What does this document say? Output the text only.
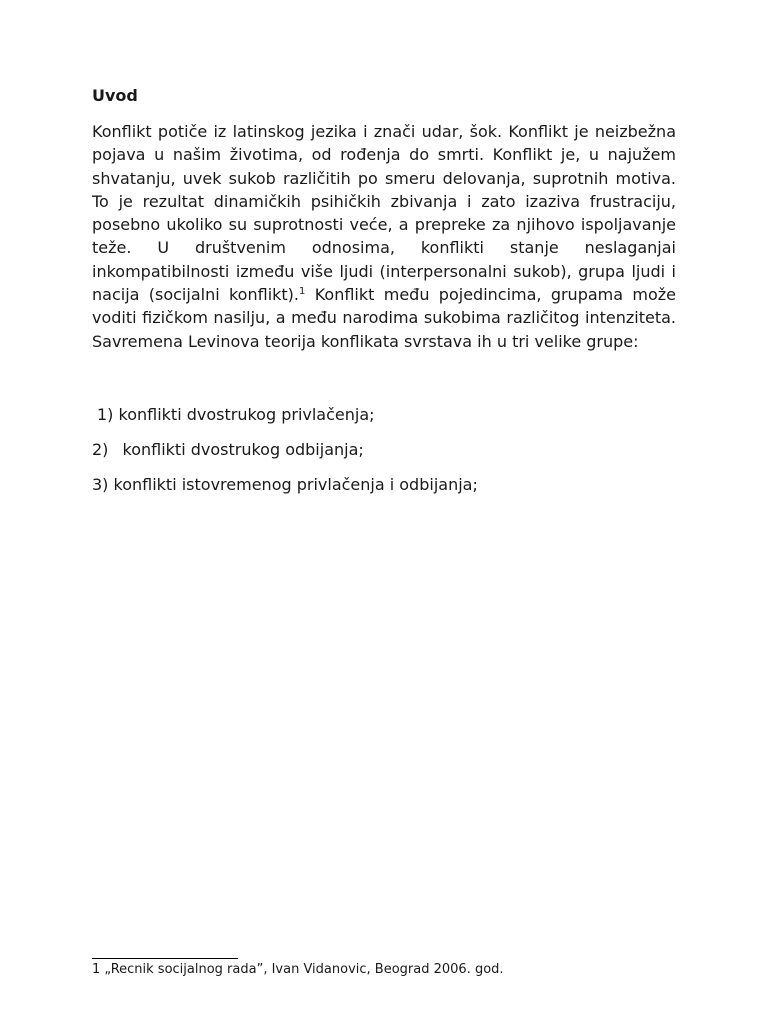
Uvod

Konflikt potiče iz latinskog jezika i znači udar, šok. Konflikt je neizbežna pojava u našim životima, od rođenja do smrti. Konflikt je, u najužem shvatanju, uvek sukob različitih po smeru delovanja, suprotnih motiva. To je rezultat dinamičkih psihičkih zbivanja i zato izaziva frustraciju, posebno ukoliko su suprotnosti veće, a prepreke za njihovo ispoljavanje teže. U društvenim odnosima, konflikti stanje neslaganjai inkompatibilnosti između više ljudi (interpersonalni sukob), grupa ljudi i nacija (socijalni konflikt).$^1$ Konflikt među pojedincima, grupama može voditi fizičkom nasilju, a među narodima sukobima različitog intenziteta. Savremena Levinova teorija konflikata svrstava ih u tri velike grupe:

1) konflikti dvostrukog privlačenja;

2) konflikti dvostrukog odbijanja;

3) konflikti istovremenog privlačenja i odbijanja;

1 „Recnik socijalnog rada”, Ivan Vidanovic, Beograd 2006. god.
